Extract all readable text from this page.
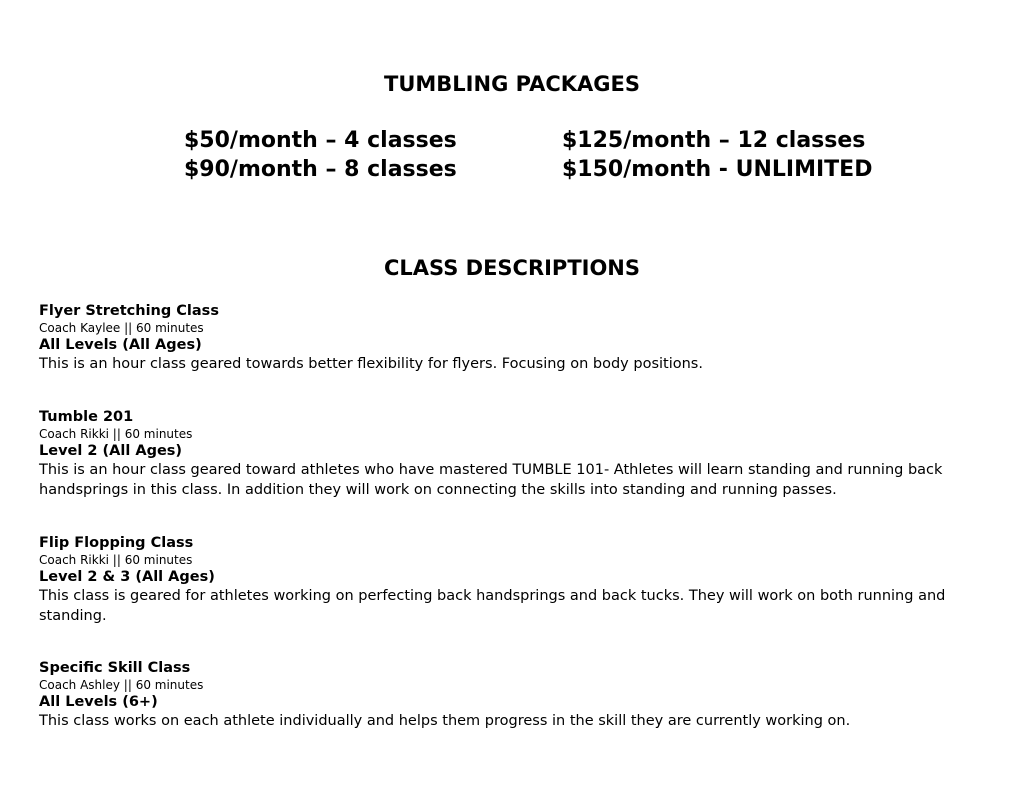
TUMBLING PACKAGES
$50/month – 4 classes
$90/month – 8 classes
$125/month – 12 classes
$150/month - UNLIMITED
CLASS DESCRIPTIONS

Flyer Stretching Class

Coach Kaylee || 60 minutes

All Levels (All Ages)

This is an hour class geared towards better flexibility for flyers. Focusing on body positions.

Tumble 201

Coach Rikki || 60 minutes

Level 2 (All Ages)

This is an hour class geared toward athletes who have mastered TUMBLE 101- Athletes will learn standing and running back handsprings in this class. In addition they will work on connecting the skills into standing and running passes.

Flip Flopping Class

Coach Rikki || 60 minutes

Level 2 & 3 (All Ages)

This class is geared for athletes working on perfecting back handsprings and back tucks. They will work on both running and standing.

Specific Skill Class

Coach Ashley || 60 minutes

All Levels (6+)

This class works on each athlete individually and helps them progress in the skill they are currently working on.
